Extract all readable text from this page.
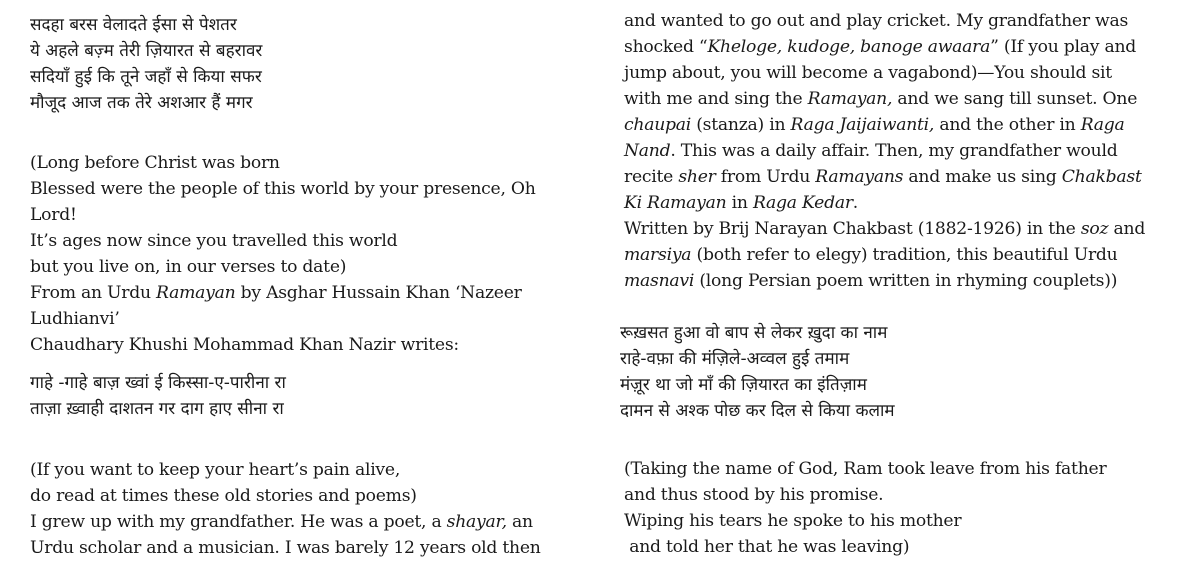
सदहा बरस वेलादते ईसा से पेशतर
ये अहले बज़्म तेरी ज़ियारत से बहरावर
सदियाँ हुई कि तूने जहाँ से किया सफर
मौजूद आज तक तेरे अशआर हैं मगर
(Long before Christ was born
Blessed were the people of this world by your presence, Oh
Lord!
It’s ages now since you travelled this world
but you live on, in our verses to date)
From an Urdu Ramayan by Asghar Hussain Khan ‘Nazeer
Ludhianvi’
Chaudhary Khushi Mohammad Khan Nazir writes:
गाहे -गाहे बाज़ ख्वां ई किस्सा-ए-पारीना रा
ताज़ा ख़्वाही दाशतन गर दाग हाए सीना रा
(If you want to keep your heart’s pain alive,
do read at times these old stories and poems)
I grew up with my grandfather. He was a poet, a shayar, an
Urdu scholar and a musician. I was barely 12 years old then
and wanted to go out and play cricket. My grandfather was
shocked “Kheloge, kudoge, banoge awaara” (If you play and
jump about, you will become a vagabond)—You should sit
with me and sing the Ramayan, and we sang till sunset. One
chaupai (stanza) in Raga Jaijaiwanti, and the other in Raga
Nand. This was a daily affair. Then, my grandfather would
recite sher from Urdu Ramayans and make us sing Chakbast
Ki Ramayan in Raga Kedar.
Written by Brij Narayan Chakbast (1882-1926) in the soz and
marsiya (both refer to elegy) tradition, this beautiful Urdu
masnavi (long Persian poem written in rhyming couplets))
रूख़सत हुआ वो बाप से लेकर ख़ुदा का नाम
राहे-वफ़ा की मंज़िले-अव्वल हुई तमाम
मंज़ूर था जो माँ की ज़ियारत का इंतिज़ाम
दामन से अश्क पोछ कर दिल से किया कलाम
(Taking the name of God, Ram took leave from his father
and thus stood by his promise.
Wiping his tears he spoke to his mother
and told her that he was leaving)
